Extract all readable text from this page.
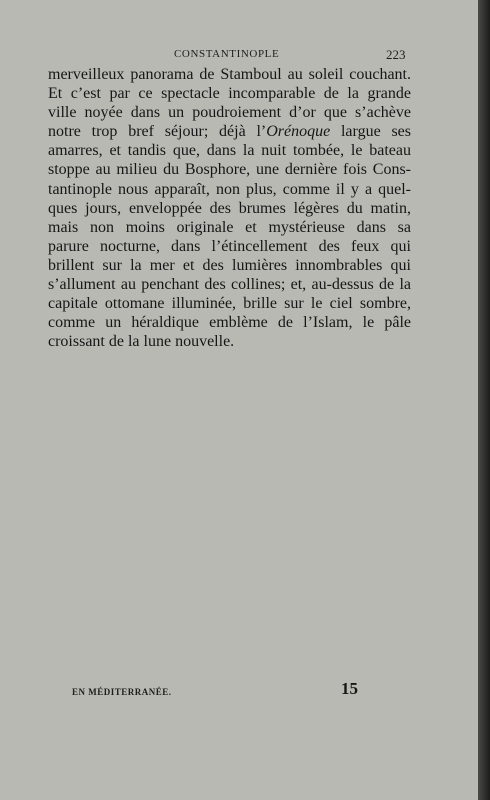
CONSTANTINOPLE	223
merveilleux panorama de Stamboul au soleil couchant.
Et c’est par ce spectacle incomparable de la grande
ville noyée dans un poudroiement d’or que s’achève
notre trop bref séjour; déjà l’Orénoque largue ses
amarres, et tandis que, dans la nuit tombée, le bateau
stoppe au milieu du Bosphore, une dernière fois Cons-
tantinople nous apparaît, non plus, comme il y a quel-
ques jours, enveloppée des brumes légères du matin,
mais non moins originale et mystérieuse dans sa
parure nocturne, dans l’étincellement des feux qui
brillent sur la mer et des lumières innombrables qui
s’allument au penchant des collines; et, au-dessus de la
capitale ottomane illuminée, brille sur le ciel sombre,
comme un héraldique emblème de l’Islam, le pâle
croissant de la lune nouvelle.
EN MÉDITERRANÉE.	15
